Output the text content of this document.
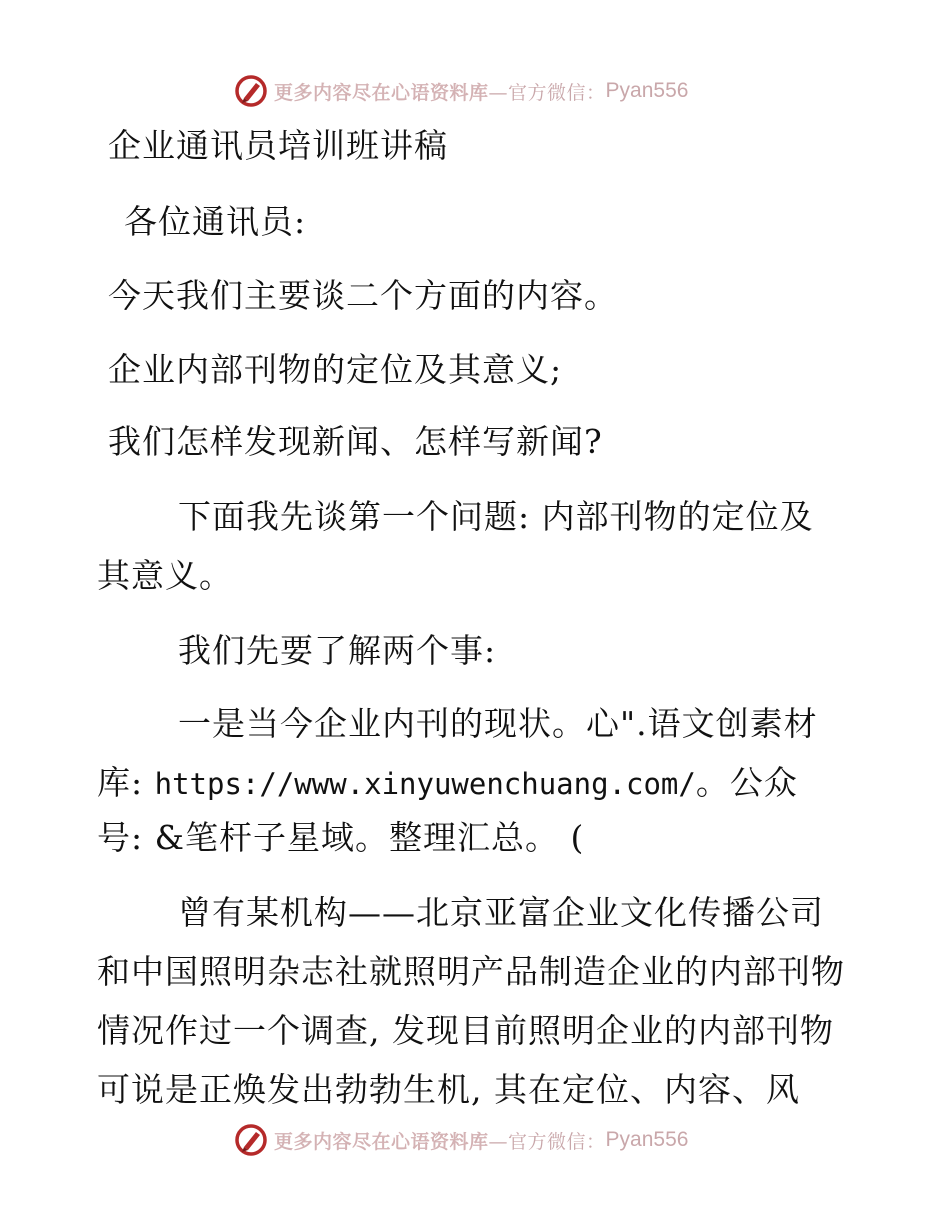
更多内容尽在心语资料库 —官方微信： Pyan556

企业通讯员培训班讲稿

各位通讯员:

今天我们主要谈二个方面的内容。

企业内部刊物的定位及其意义;

我们怎样发现新闻、怎样写新闻?

下面我先谈第一个问题: 内部刊物的定位及

其意义。

我们先要了解两个事:

一是当今企业内刊的现状。心".语文创素材

库: https://www.xinyuwenchuang.com/。公众

号: &笔杆子星域。整理汇总。 (

曾有某机构——北京亚富企业文化传播公司

和中国照明杂志社就照明产品制造企业的内部刊物

情况作过一个调查, 发现目前照明企业的内部刊物

可说是正焕发出勃勃生机, 其在定位、内容、风

更多内容尽在心语资料库 —官方微信： Pyan556
